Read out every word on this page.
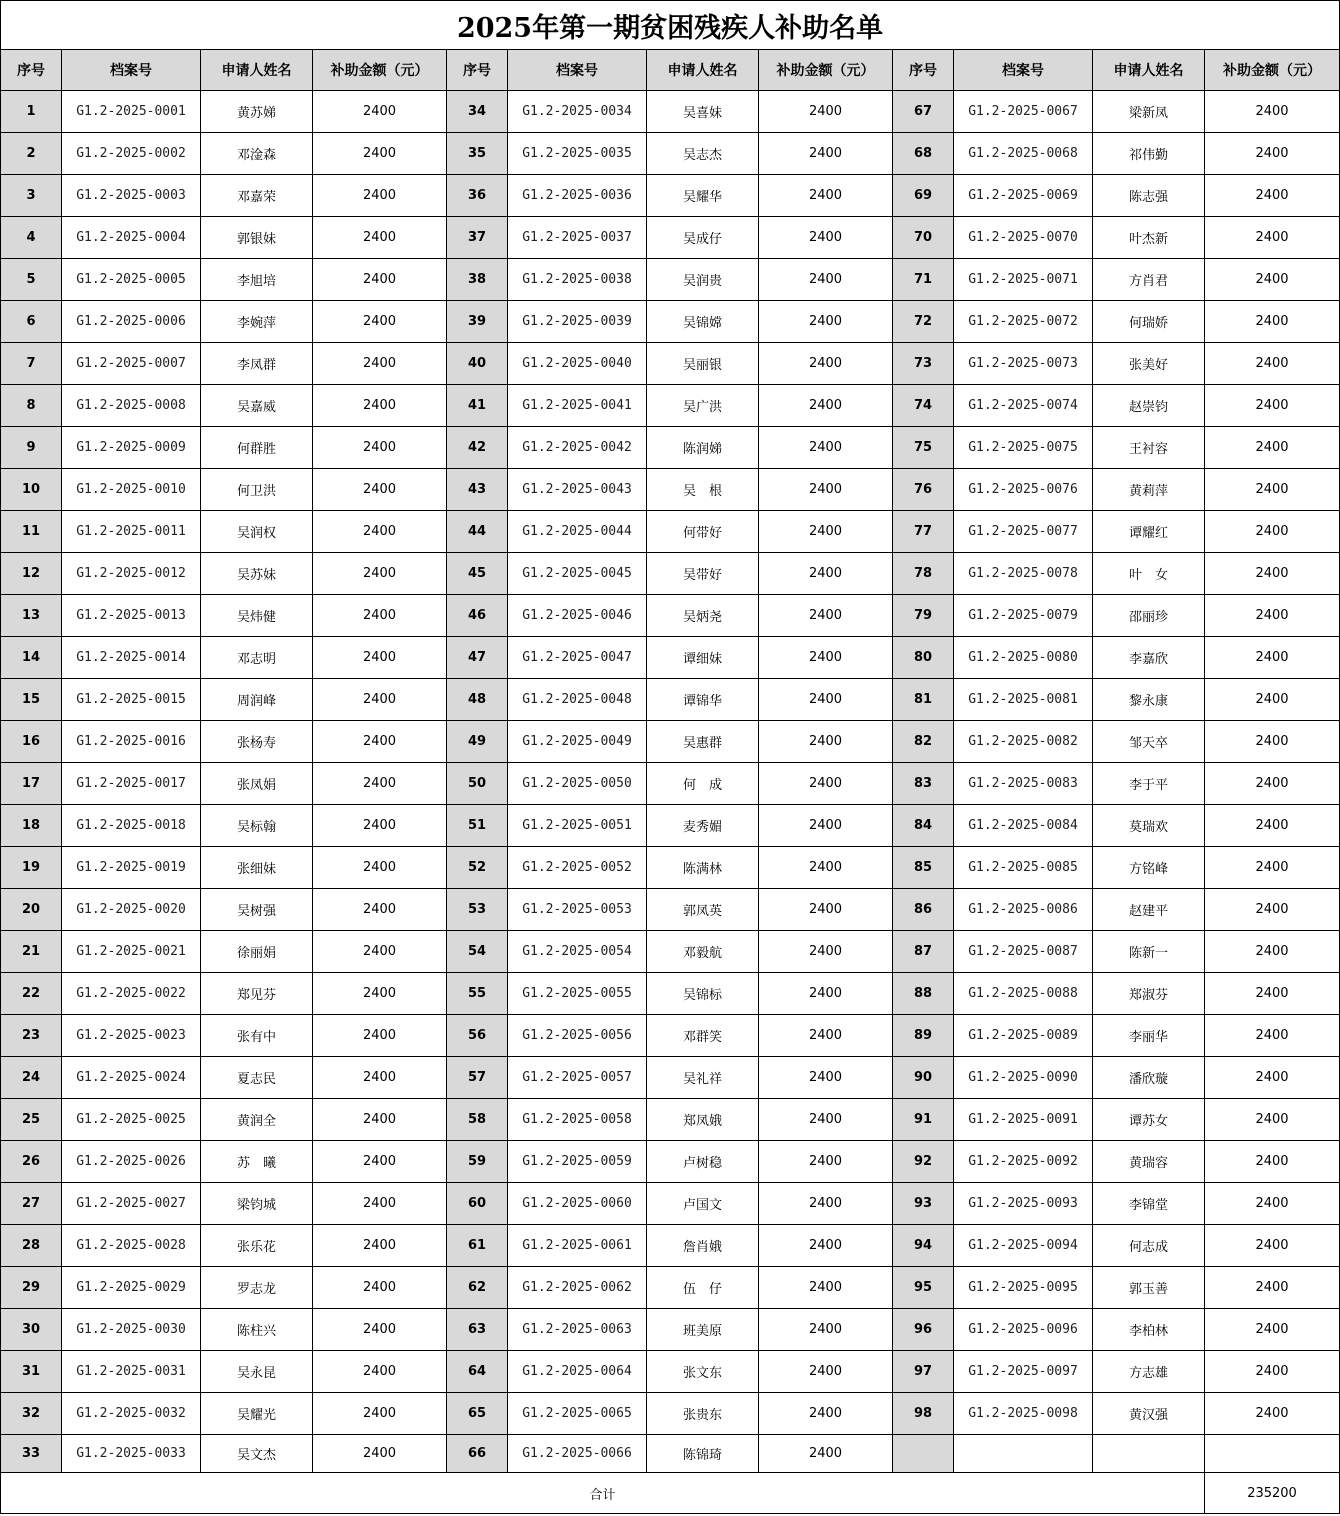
2025年第一期贫困残疾人补助名单											
序号	档案号	申请人姓名	补助金额（元）	序号	档案号	申请人姓名	补助金额（元）	序号	档案号	申请人姓名	补助金额（元）
1	G1.2-2025-0001	黄苏娣	2400	34	G1.2-2025-0034	吴喜妹	2400	67	G1.2-2025-0067	梁新凤	2400
2	G1.2-2025-0002	邓淦森	2400	35	G1.2-2025-0035	吴志杰	2400	68	G1.2-2025-0068	祁伟勤	2400
3	G1.2-2025-0003	邓嘉荣	2400	36	G1.2-2025-0036	吴耀华	2400	69	G1.2-2025-0069	陈志强	2400
4	G1.2-2025-0004	郭银妹	2400	37	G1.2-2025-0037	吴成仔	2400	70	G1.2-2025-0070	叶杰新	2400
5	G1.2-2025-0005	李旭培	2400	38	G1.2-2025-0038	吴润贵	2400	71	G1.2-2025-0071	方肖君	2400
6	G1.2-2025-0006	李婉萍	2400	39	G1.2-2025-0039	吴锦嫦	2400	72	G1.2-2025-0072	何瑞娇	2400
7	G1.2-2025-0007	李凤群	2400	40	G1.2-2025-0040	吴丽银	2400	73	G1.2-2025-0073	张美好	2400
8	G1.2-2025-0008	吴嘉威	2400	41	G1.2-2025-0041	吴广洪	2400	74	G1.2-2025-0074	赵崇钧	2400
9	G1.2-2025-0009	何群胜	2400	42	G1.2-2025-0042	陈润娣	2400	75	G1.2-2025-0075	王衬容	2400
10	G1.2-2025-0010	何卫洪	2400	43	G1.2-2025-0043	吴　根	2400	76	G1.2-2025-0076	黄莉萍	2400
11	G1.2-2025-0011	吴润权	2400	44	G1.2-2025-0044	何带好	2400	77	G1.2-2025-0077	谭耀红	2400
12	G1.2-2025-0012	吴苏妹	2400	45	G1.2-2025-0045	吴带好	2400	78	G1.2-2025-0078	叶　女	2400
13	G1.2-2025-0013	吴炜健	2400	46	G1.2-2025-0046	吴炳尧	2400	79	G1.2-2025-0079	邵丽珍	2400
14	G1.2-2025-0014	邓志明	2400	47	G1.2-2025-0047	谭细妹	2400	80	G1.2-2025-0080	李嘉欣	2400
15	G1.2-2025-0015	周润峰	2400	48	G1.2-2025-0048	谭锦华	2400	81	G1.2-2025-0081	黎永康	2400
16	G1.2-2025-0016	张杨寿	2400	49	G1.2-2025-0049	吴惠群	2400	82	G1.2-2025-0082	邹天卒	2400
17	G1.2-2025-0017	张凤娟	2400	50	G1.2-2025-0050	何　成	2400	83	G1.2-2025-0083	李于平	2400
18	G1.2-2025-0018	吴标翰	2400	51	G1.2-2025-0051	麦秀媚	2400	84	G1.2-2025-0084	莫瑞欢	2400
19	G1.2-2025-0019	张细妹	2400	52	G1.2-2025-0052	陈满林	2400	85	G1.2-2025-0085	方铭峰	2400
20	G1.2-2025-0020	吴树强	2400	53	G1.2-2025-0053	郭凤英	2400	86	G1.2-2025-0086	赵建平	2400
21	G1.2-2025-0021	徐丽娟	2400	54	G1.2-2025-0054	邓毅航	2400	87	G1.2-2025-0087	陈新一	2400
22	G1.2-2025-0022	郑见芬	2400	55	G1.2-2025-0055	吴锦标	2400	88	G1.2-2025-0088	郑淑芬	2400
23	G1.2-2025-0023	张有中	2400	56	G1.2-2025-0056	邓群笑	2400	89	G1.2-2025-0089	李丽华	2400
24	G1.2-2025-0024	夏志民	2400	57	G1.2-2025-0057	吴礼祥	2400	90	G1.2-2025-0090	潘欣璇	2400
25	G1.2-2025-0025	黄润全	2400	58	G1.2-2025-0058	郑凤娥	2400	91	G1.2-2025-0091	谭苏女	2400
26	G1.2-2025-0026	苏　曦	2400	59	G1.2-2025-0059	卢树稳	2400	92	G1.2-2025-0092	黄瑞容	2400
27	G1.2-2025-0027	梁钧城	2400	60	G1.2-2025-0060	卢国文	2400	93	G1.2-2025-0093	李锦堂	2400
28	G1.2-2025-0028	张乐花	2400	61	G1.2-2025-0061	詹肖娥	2400	94	G1.2-2025-0094	何志成	2400
29	G1.2-2025-0029	罗志龙	2400	62	G1.2-2025-0062	伍　仔	2400	95	G1.2-2025-0095	郭玉善	2400
30	G1.2-2025-0030	陈柱兴	2400	63	G1.2-2025-0063	班美原	2400	96	G1.2-2025-0096	李柏林	2400
31	G1.2-2025-0031	吴永昆	2400	64	G1.2-2025-0064	张文东	2400	97	G1.2-2025-0097	方志雄	2400
32	G1.2-2025-0032	吴耀光	2400	65	G1.2-2025-0065	张贵东	2400	98	G1.2-2025-0098	黄汉强	2400
33	G1.2-2025-0033	吴文杰	2400	66	G1.2-2025-0066	陈锦琦	2400				
合计											235200
